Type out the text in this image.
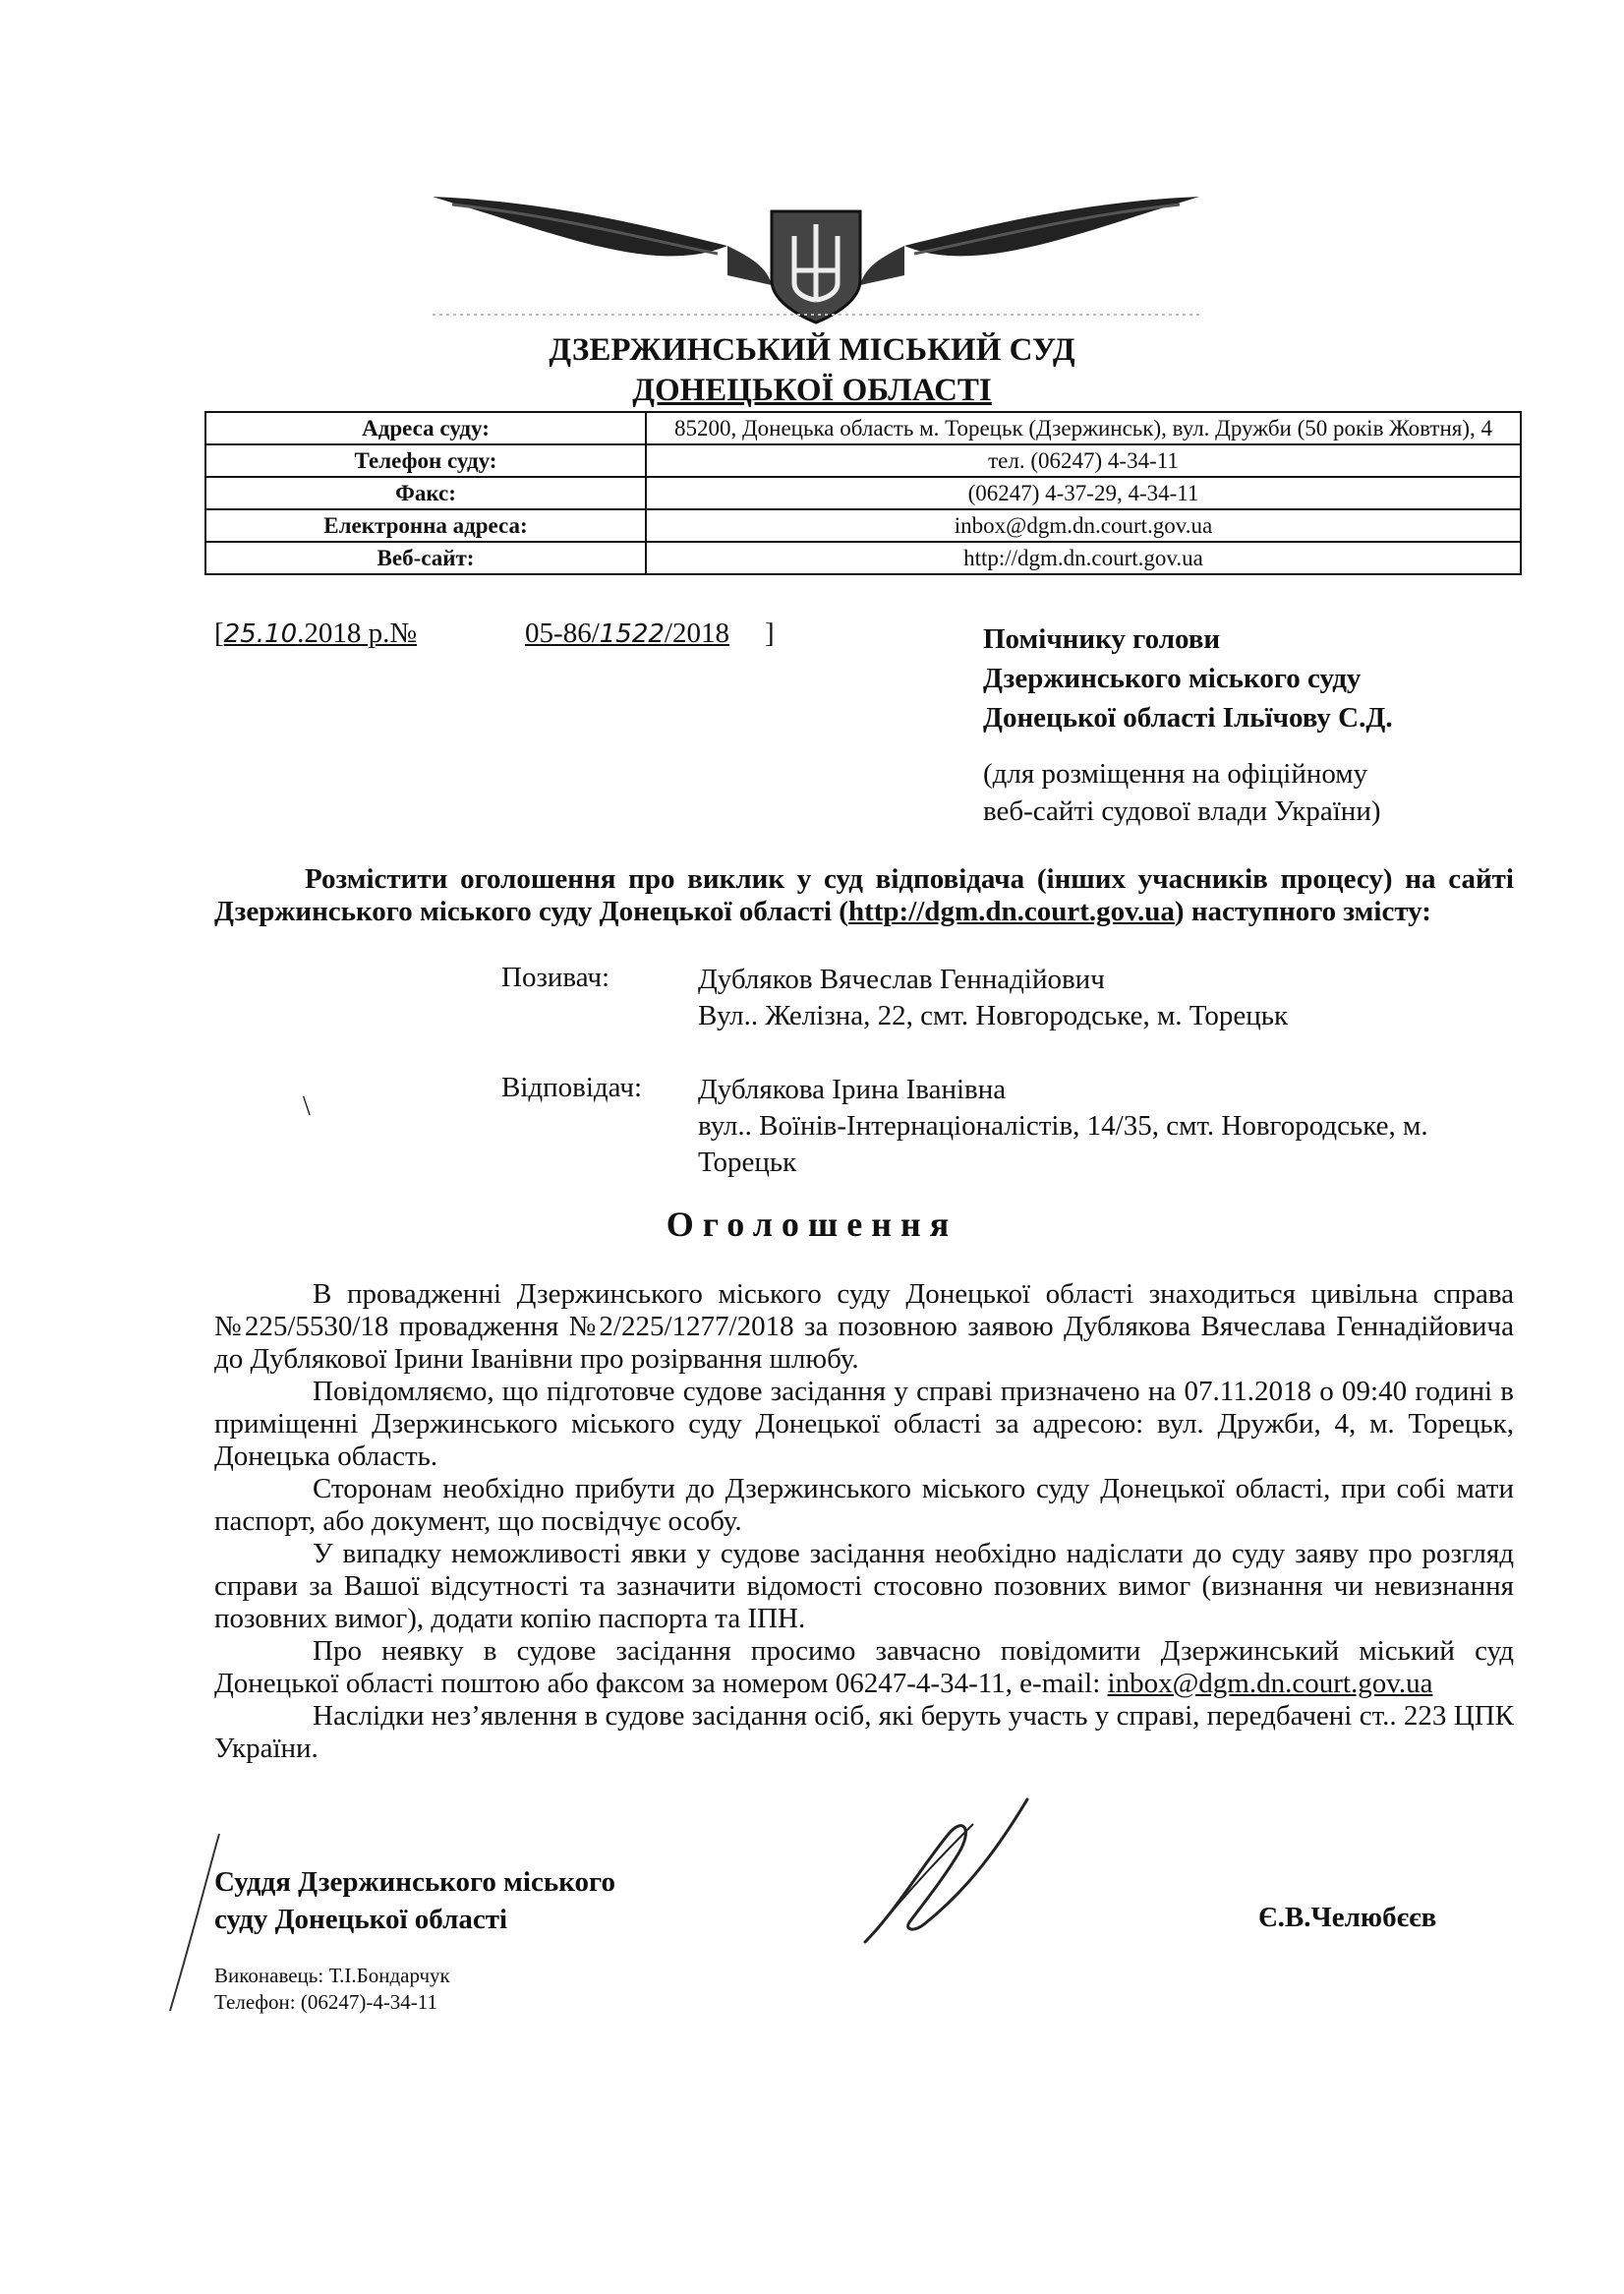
ДЗЕРЖИНСЬКИЙ МІСЬКИЙ СУД
ДОНЕЦЬКОЇ ОБЛАСТІ
Адреса суду:	85200, Донецька область м. Торецьк (Дзержинськ), вул. Дружби (50 років Жовтня), 4
Телефон суду:	тел. (06247) 4-34-11
Факс:	(06247) 4-37-29, 4-34-11
Електронна адреса:	inbox@dgm.dn.court.gov.ua
Веб-сайт:	http://dgm.dn.court.gov.ua
[25.10.2018 р.№	05-86/1522/2018 ]	Помічнику голови
Дзержинського міського суду
Донецької області Ільїчову С.Д.
(для розміщення на офіційному
веб-сайті судової влади України)
Розмістити оголошення про виклик у суд відповідача (інших учасників процесу) на сайті Дзержинського міського суду Донецької області (http://dgm.dn.court.gov.ua) наступного змісту:
Позивач:	Дубляков Вячеслав Геннадійович
Вул.. Желізна, 22, смт. Новгородське, м. Торецьк
Відповідач: Дублякова Ірина Іванівна
вул.. Воїнів-Інтернаціоналістів, 14/35, смт. Новгородське, м. Торецьк
\
Оголошення

В провадженні Дзержинського міського суду Донецької області знаходиться цивільна справа №225/5530/18 провадження №2/225/1277/2018 за позовною заявою Дублякова Вячеслава Геннадійовича до Дублякової Ірини Іванівни про розірвання шлюбу.

Повідомляємо, що підготовче судове засідання у справі призначено на 07.11.2018 о 09:40 годині в приміщенні Дзержинського міського суду Донецької області за адресою: вул. Дружби, 4, м. Торецьк, Донецька область.

Сторонам необхідно прибути до Дзержинського міського суду Донецької області, при собі мати паспорт, або документ, що посвідчує особу.

У випадку неможливості явки у судове засідання необхідно надіслати до суду заяву про розгляд справи за Вашої відсутності та зазначити відомості стосовно позовних вимог (визнання чи невизнання позовних вимог), додати копію паспорта та ІПН.

Про неявку в судове засідання просимо завчасно повідомити Дзержинський міський суд Донецької області поштою або факсом за номером 06247-4-34-11, e-mail: inbox@dgm.dn.court.gov.ua

Наслідки нез’явлення в судове засідання осіб, які беруть участь у справі, передбачені ст.. 223 ЦПК України.

Суддя Дзержинського міського
суду Донецької області	Є.В.Челюбєєв
Виконавець: Т.І.Бондарчук
Телефон: (06247)-4-34-11
